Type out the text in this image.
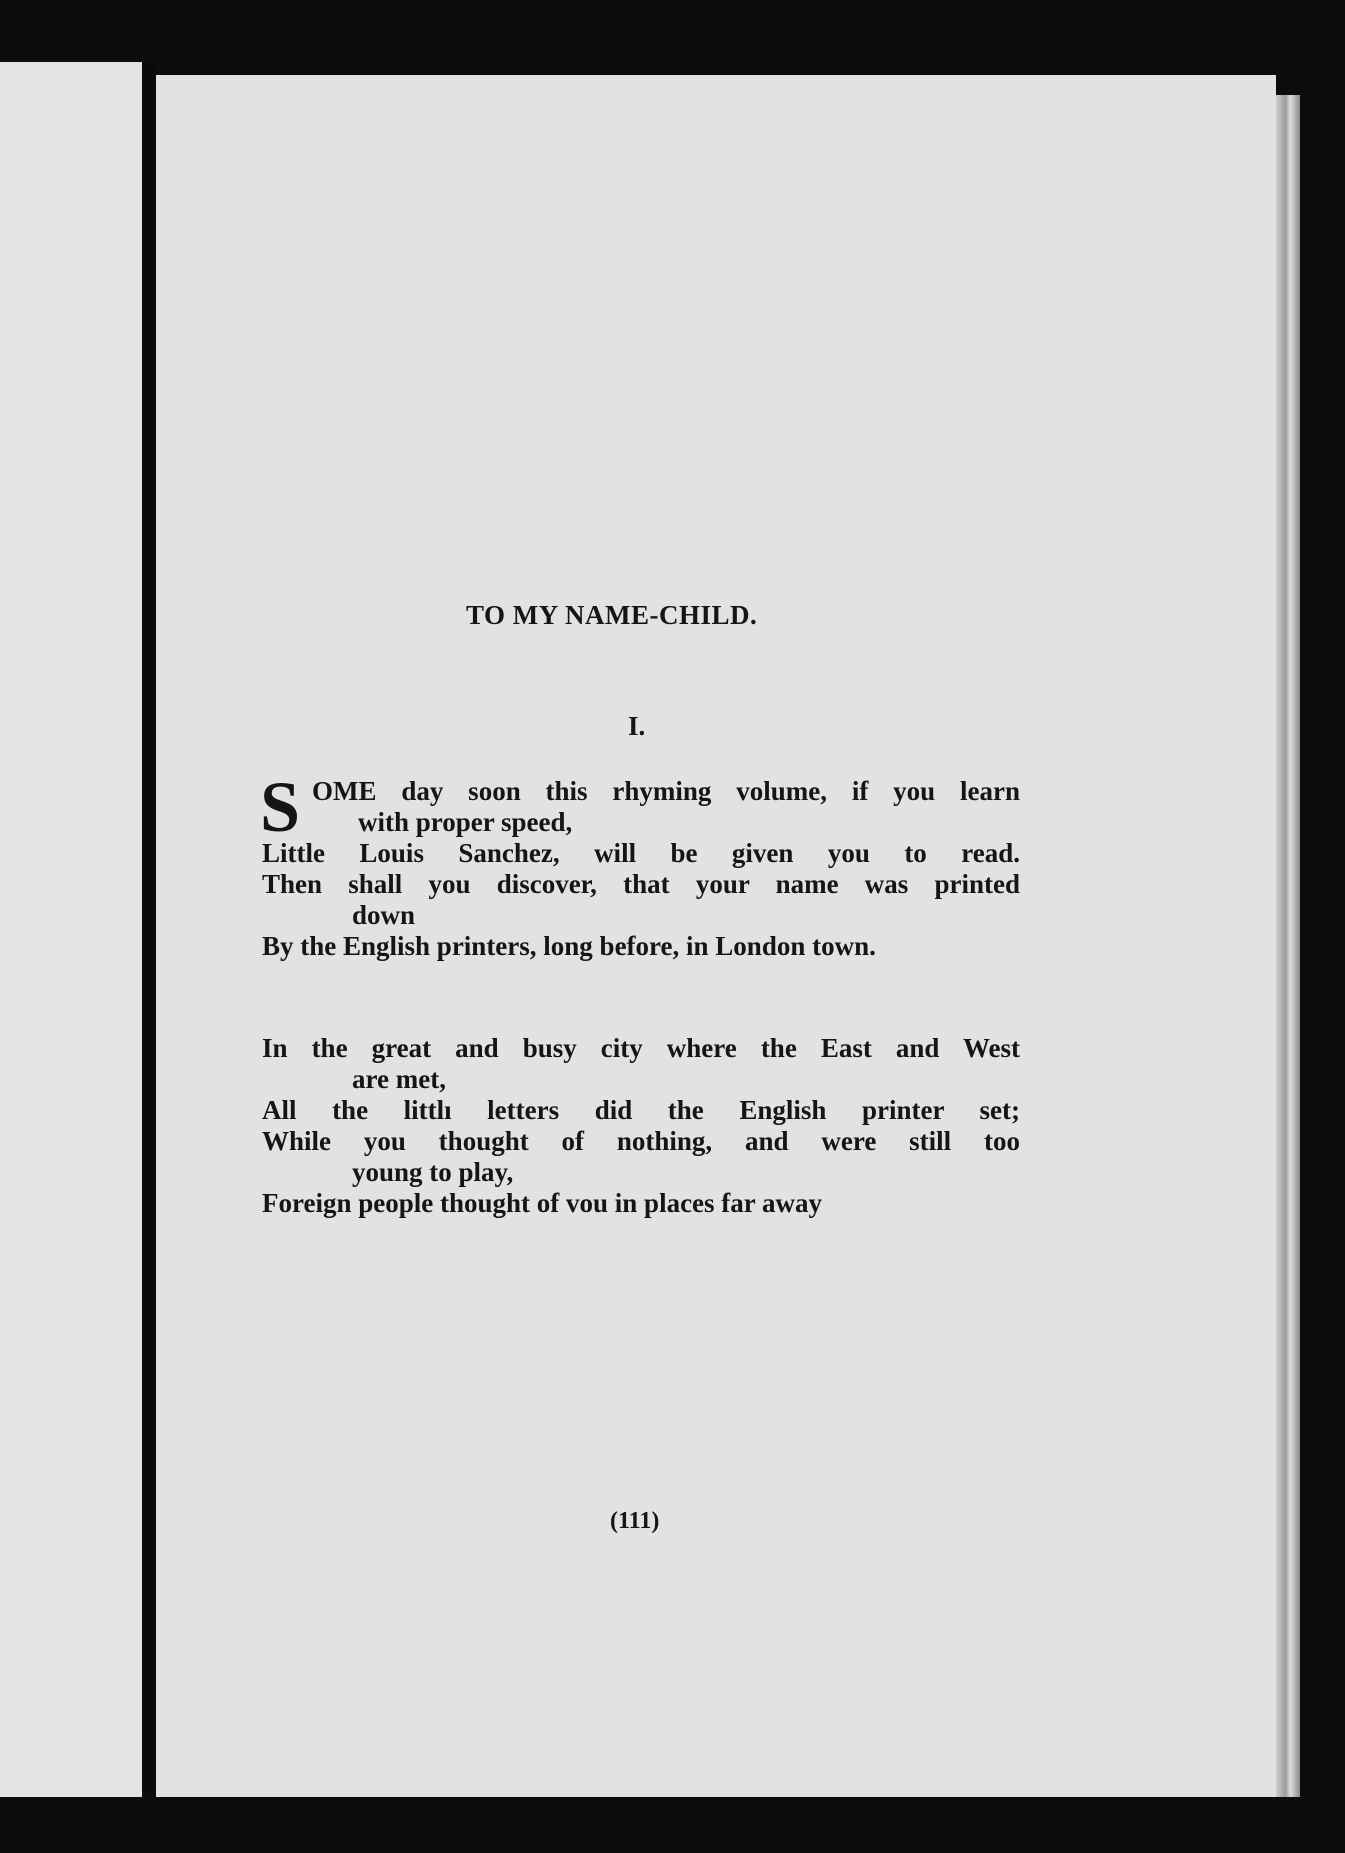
TO MY NAME-CHILD.
I.
S OME day soon this rhyming volume, if you learn
with proper speed,
Little Louis Sanchez, will be given you to read.
Then shall you discover, that your name was printed
down
By the English printers, long before, in London town.
In the great and busy city where the East and West
are met,
All the littlı letters did the English printer set;
While you thought of nothing, and were still too
young to play,
Foreign people thought of vou in places far away
(111)
